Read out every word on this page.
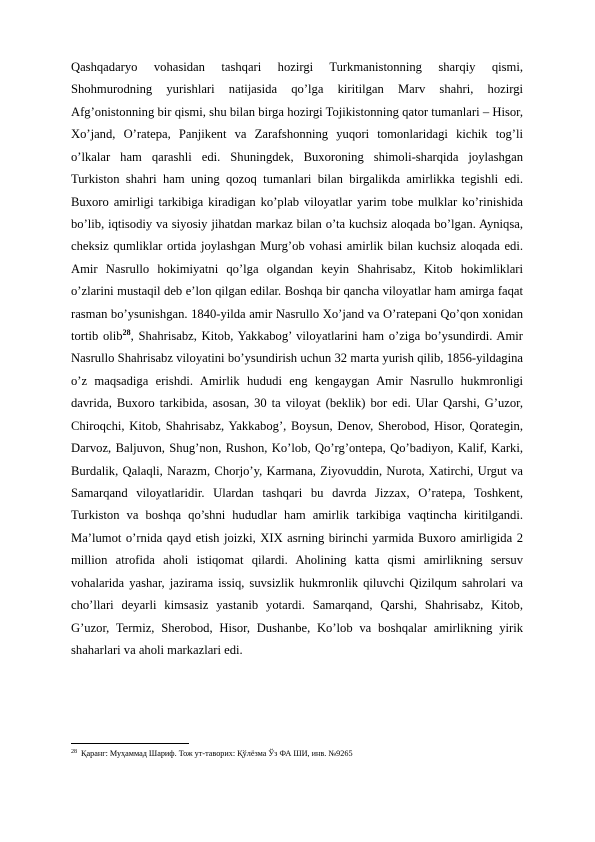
Qashqadaryo vohasidan tashqari hozirgi Turkmanistonning sharqiy qismi, Shohmurodning yurishlari natijasida qo’lga kiritilgan Marv shahri, hozirgi Afg’onistonning bir qismi, shu bilan birga hozirgi Tojikistonning qator tumanlari – Hisor, Xo’jand, O’ratepa, Panjikent va Zarafshonning yuqori tomonlaridagi kichik tog’li o’lkalar ham qarashli edi. Shuningdek, Buxoroning shimoli-sharqida joylashgan Turkiston shahri ham uning qozoq tumanlari bilan birgalikda amirlikka tegishli edi. Buxoro amirligi tarkibiga kiradigan ko’plab viloyatlar yarim tobe mulklar ko’rinishida bo’lib, iqtisodiy va siyosiy jihatdan markaz bilan o’ta kuchsiz aloqada bo’lgan. Ayniqsa, cheksiz qumliklar ortida joylashgan Murg’ob vohasi amirlik bilan kuchsiz aloqada edi. Amir Nasrullo hokimiyatni qo’lga olgandan keyin Shahrisabz, Kitob hokimliklari o’zlarini mustaqil deb e’lon qilgan edilar. Boshqa bir qancha viloyatlar ham amirga faqat rasman bo’ysunishgan. 1840-yilda amir Nasrullo Xo’jand va O’ratepani Qo’qon xonidan tortib olib$^{28}$, Shahrisabz, Kitob, Yakkabog’ viloyatlarini ham o’ziga bo’ysundirdi. Amir Nasrullo Shahrisabz viloyatini bo’ysundirish uchun 32 marta yurish qilib, 1856-yildagina o’z maqsadiga erishdi. Amirlik hududi eng kengaygan Amir Nasrullo hukmronligi davrida, Buxoro tarkibida, asosan, 30 ta viloyat (beklik) bor edi. Ular Qarshi, G’uzor, Chiroqchi, Kitob, Shahrisabz, Yakkabog’, Boysun, Denov, Sherobod, Hisor, Qorategin, Darvoz, Baljuvon, Shug’non, Rushon, Ko’lob, Qo’rg’ontepa, Qo’badiyon, Kalif, Karki, Burdalik, Qalaqli, Narazm, Chorjo’y, Karmana, Ziyovuddin, Nurota, Xatirchi, Urgut va Samarqand viloyatlaridir. Ulardan tashqari bu davrda Jizzax, O’ratepa, Toshkent, Turkiston va boshqa qo’shni hududlar ham amirlik tarkibiga vaqtincha kiritilgandi. Ma’lumot o’rnida qayd etish joizki, XIX asrning birinchi yarmida Buxoro amirligida 2 million atrofida aholi istiqomat qilardi. Aholining katta qismi amirlikning sersuv vohalarida yashar, jazirama issiq, suvsizlik hukmronlik qiluvchi Qizilqum sahrolari va cho’llari deyarli kimsasiz yastanib yotardi. Samarqand, Qarshi, Shahrisabz, Kitob, G’uzor, Termiz, Sherobod, Hisor, Dushanbe, Ko’lob va boshqalar amirlikning yirik shaharlari va aholi markazlari edi.

$^{28}$ Қаранг: Муҳаммад Шариф. Тож ут-таворих: Қўлёзма Ўз ФА ШИ, инв. №9265
